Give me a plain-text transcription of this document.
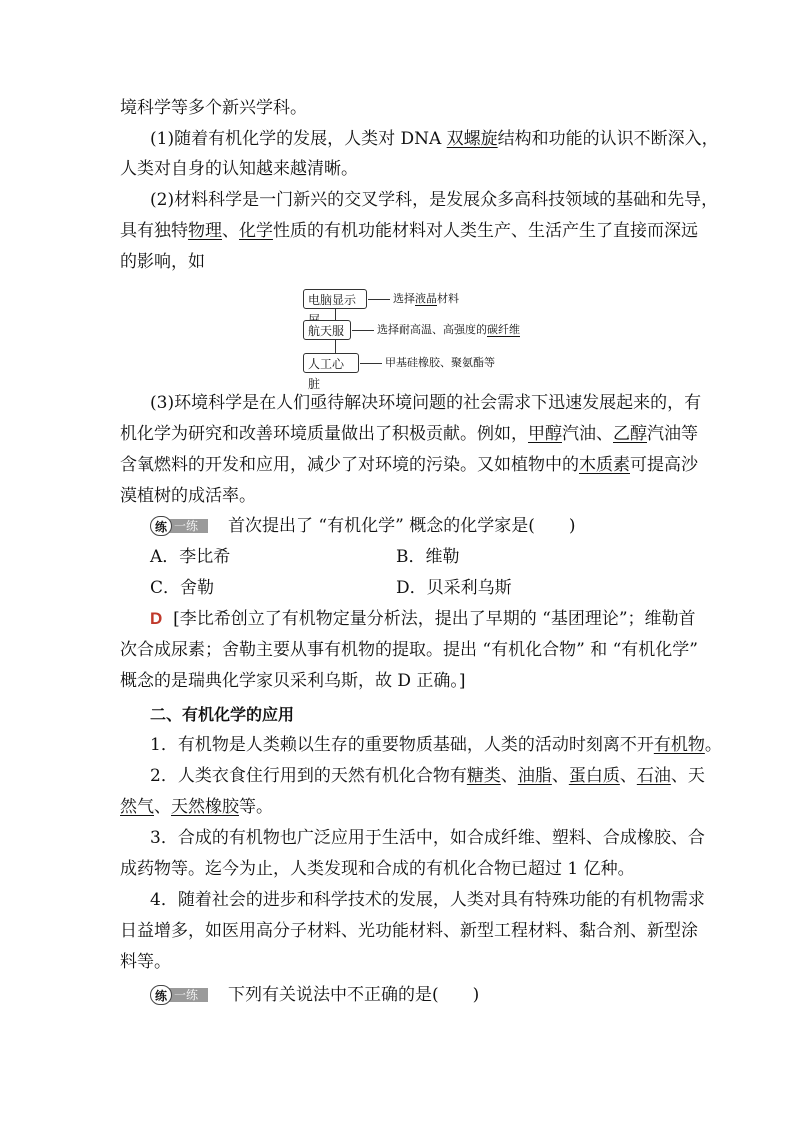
境科学等多个新兴学科。
(1)随着有机化学的发展，人类对 DNA 双螺旋结构和功能的认识不断深入，
人类对自身的认知越来越清晰。
(2)材料科学是一门新兴的交叉学科，是发展众多高科技领域的基础和先导，
具有独特物理、化学性质的有机功能材料对人类生产、生活产生了直接而深远
的影响，如
电脑显示	选择液晶材料
航天服	选择耐高温、高强度的碳纤维
人工心脏
甲基硅橡胶、聚氨酯等
(3)环境科学是在人们亟待解决环境问题的社会需求下迅速发展起来的，有
机化学为研究和改善环境质量做出了积极贡献。例如，甲醇汽油、乙醇汽油等
含氧燃料的开发和应用，减少了对环境的污染。又如植物中的木质素可提高沙
漠植树的成活率。
练 一练	首次提出了 “有机化学” 概念的化学家是(　　)
A．李比希	B．维勒
C．舍勒	D．贝采利乌斯
D [李比希创立了有机物定量分析法，提出了早期的 “基团理论”；维勒首
次合成尿素；舍勒主要从事有机物的提取。提出 “有机化合物” 和 “有机化学”
概念的是瑞典化学家贝采利乌斯，故 D 正确。]
二、有机化学的应用
1．有机物是人类赖以生存的重要物质基础，人类的活动时刻离不开有机物。
2．人类衣食住行用到的天然有机化合物有糖类、油脂、蛋白质、石油、天
然气、天然橡胶等。
3．合成的有机物也广泛应用于生活中，如合成纤维、塑料、合成橡胶、合
成药物等。迄今为止，人类发现和合成的有机化合物已超过 1 亿种。
4．随着社会的进步和科学技术的发展，人类对具有特殊功能的有机物需求
日益增多，如医用高分子材料、光功能材料、新型工程材料、黏合剂、新型涂
料等。
练 一练	下列有关说法中不正确的是(　　)
